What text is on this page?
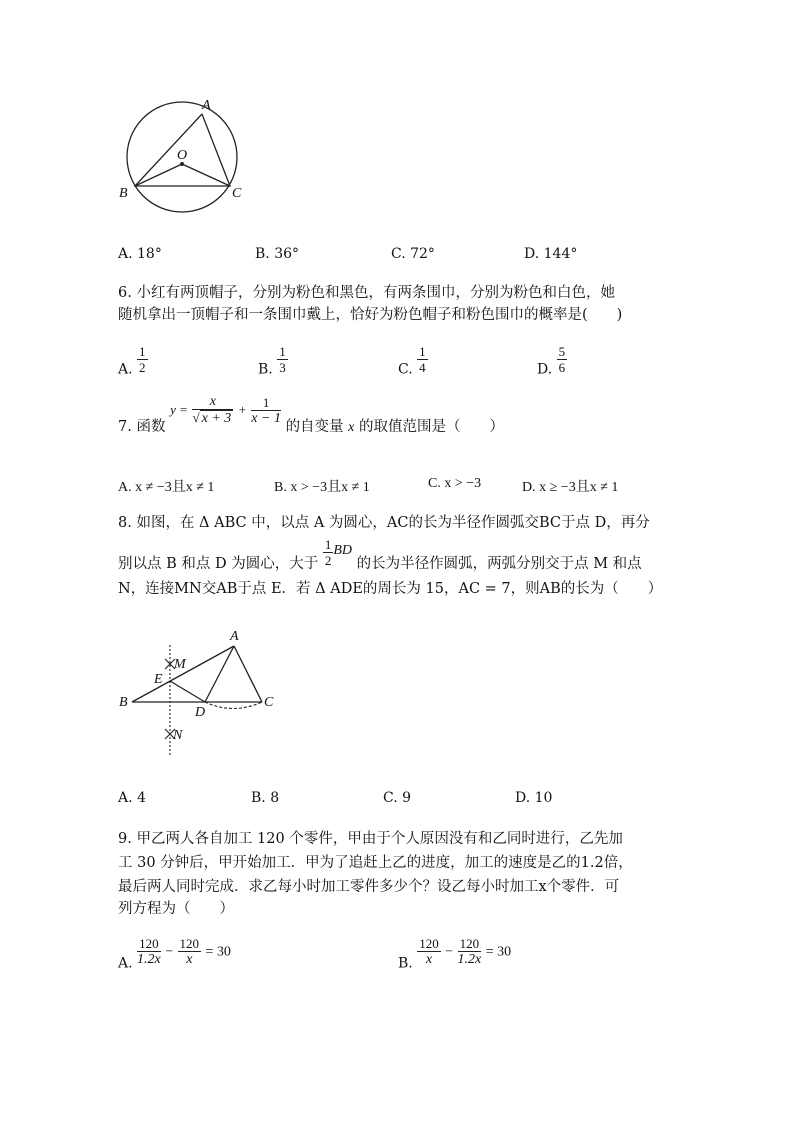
A
O
B	C
A. 18°	B. 36°	C. 72°	D. 144°
6. 小红有两顶帽子，分别为粉色和黑色，有两条围巾，分别为粉色和白色，她
随机拿出一顶帽子和一条围巾戴上，恰好为粉色帽子和粉色围巾的概率是(　　)
A. $\frac{1}{2}$	B. $\frac{1}{3}$	C. $\frac{1}{4}$	D. $\frac{5}{6}$
7. 函数 $y = \frac{x}{√ x + 3} + \frac{1}{x - 1}$
的自变量 x 的取值范围是（　　）
A. x ≠ −3且x ≠ 1	B. x > −3且x ≠ 1	C. x > −3	D. x ≥ −3且x ≠ 1
8. 如图，在 Δ ABC 中，以点 A 为圆心，AC的长为半径作圆弧交BC于点 D，再分
别以点 B 和点 D 为圆心，大于 $\frac{1}{2}$ BD 的长为半径作圆弧，两弧分别交于点 M 和点
N，连接MN交AB于点 E．若 Δ ADE的周长为 15，AC = 7，则AB的长为（　　）
A
M
E
B
D
C
N
A. 4	B. 8	C. 9	D. 10
9. 甲乙两人各自加工 120 个零件，甲由于个人原因没有和乙同时进行，乙先加
工 30 分钟后，甲开始加工．甲为了追赶上乙的进度，加工的速度是乙的1.2倍，
最后两人同时完成．求乙每小时加工零件多少个？设乙每小时加工x个零件．可
列方程为（　　）
A. $\frac{120}{1.2x} - \frac{120}{x} = 30$
B. $\frac{120}{x} - \frac{120}{1.2x} = 30$
